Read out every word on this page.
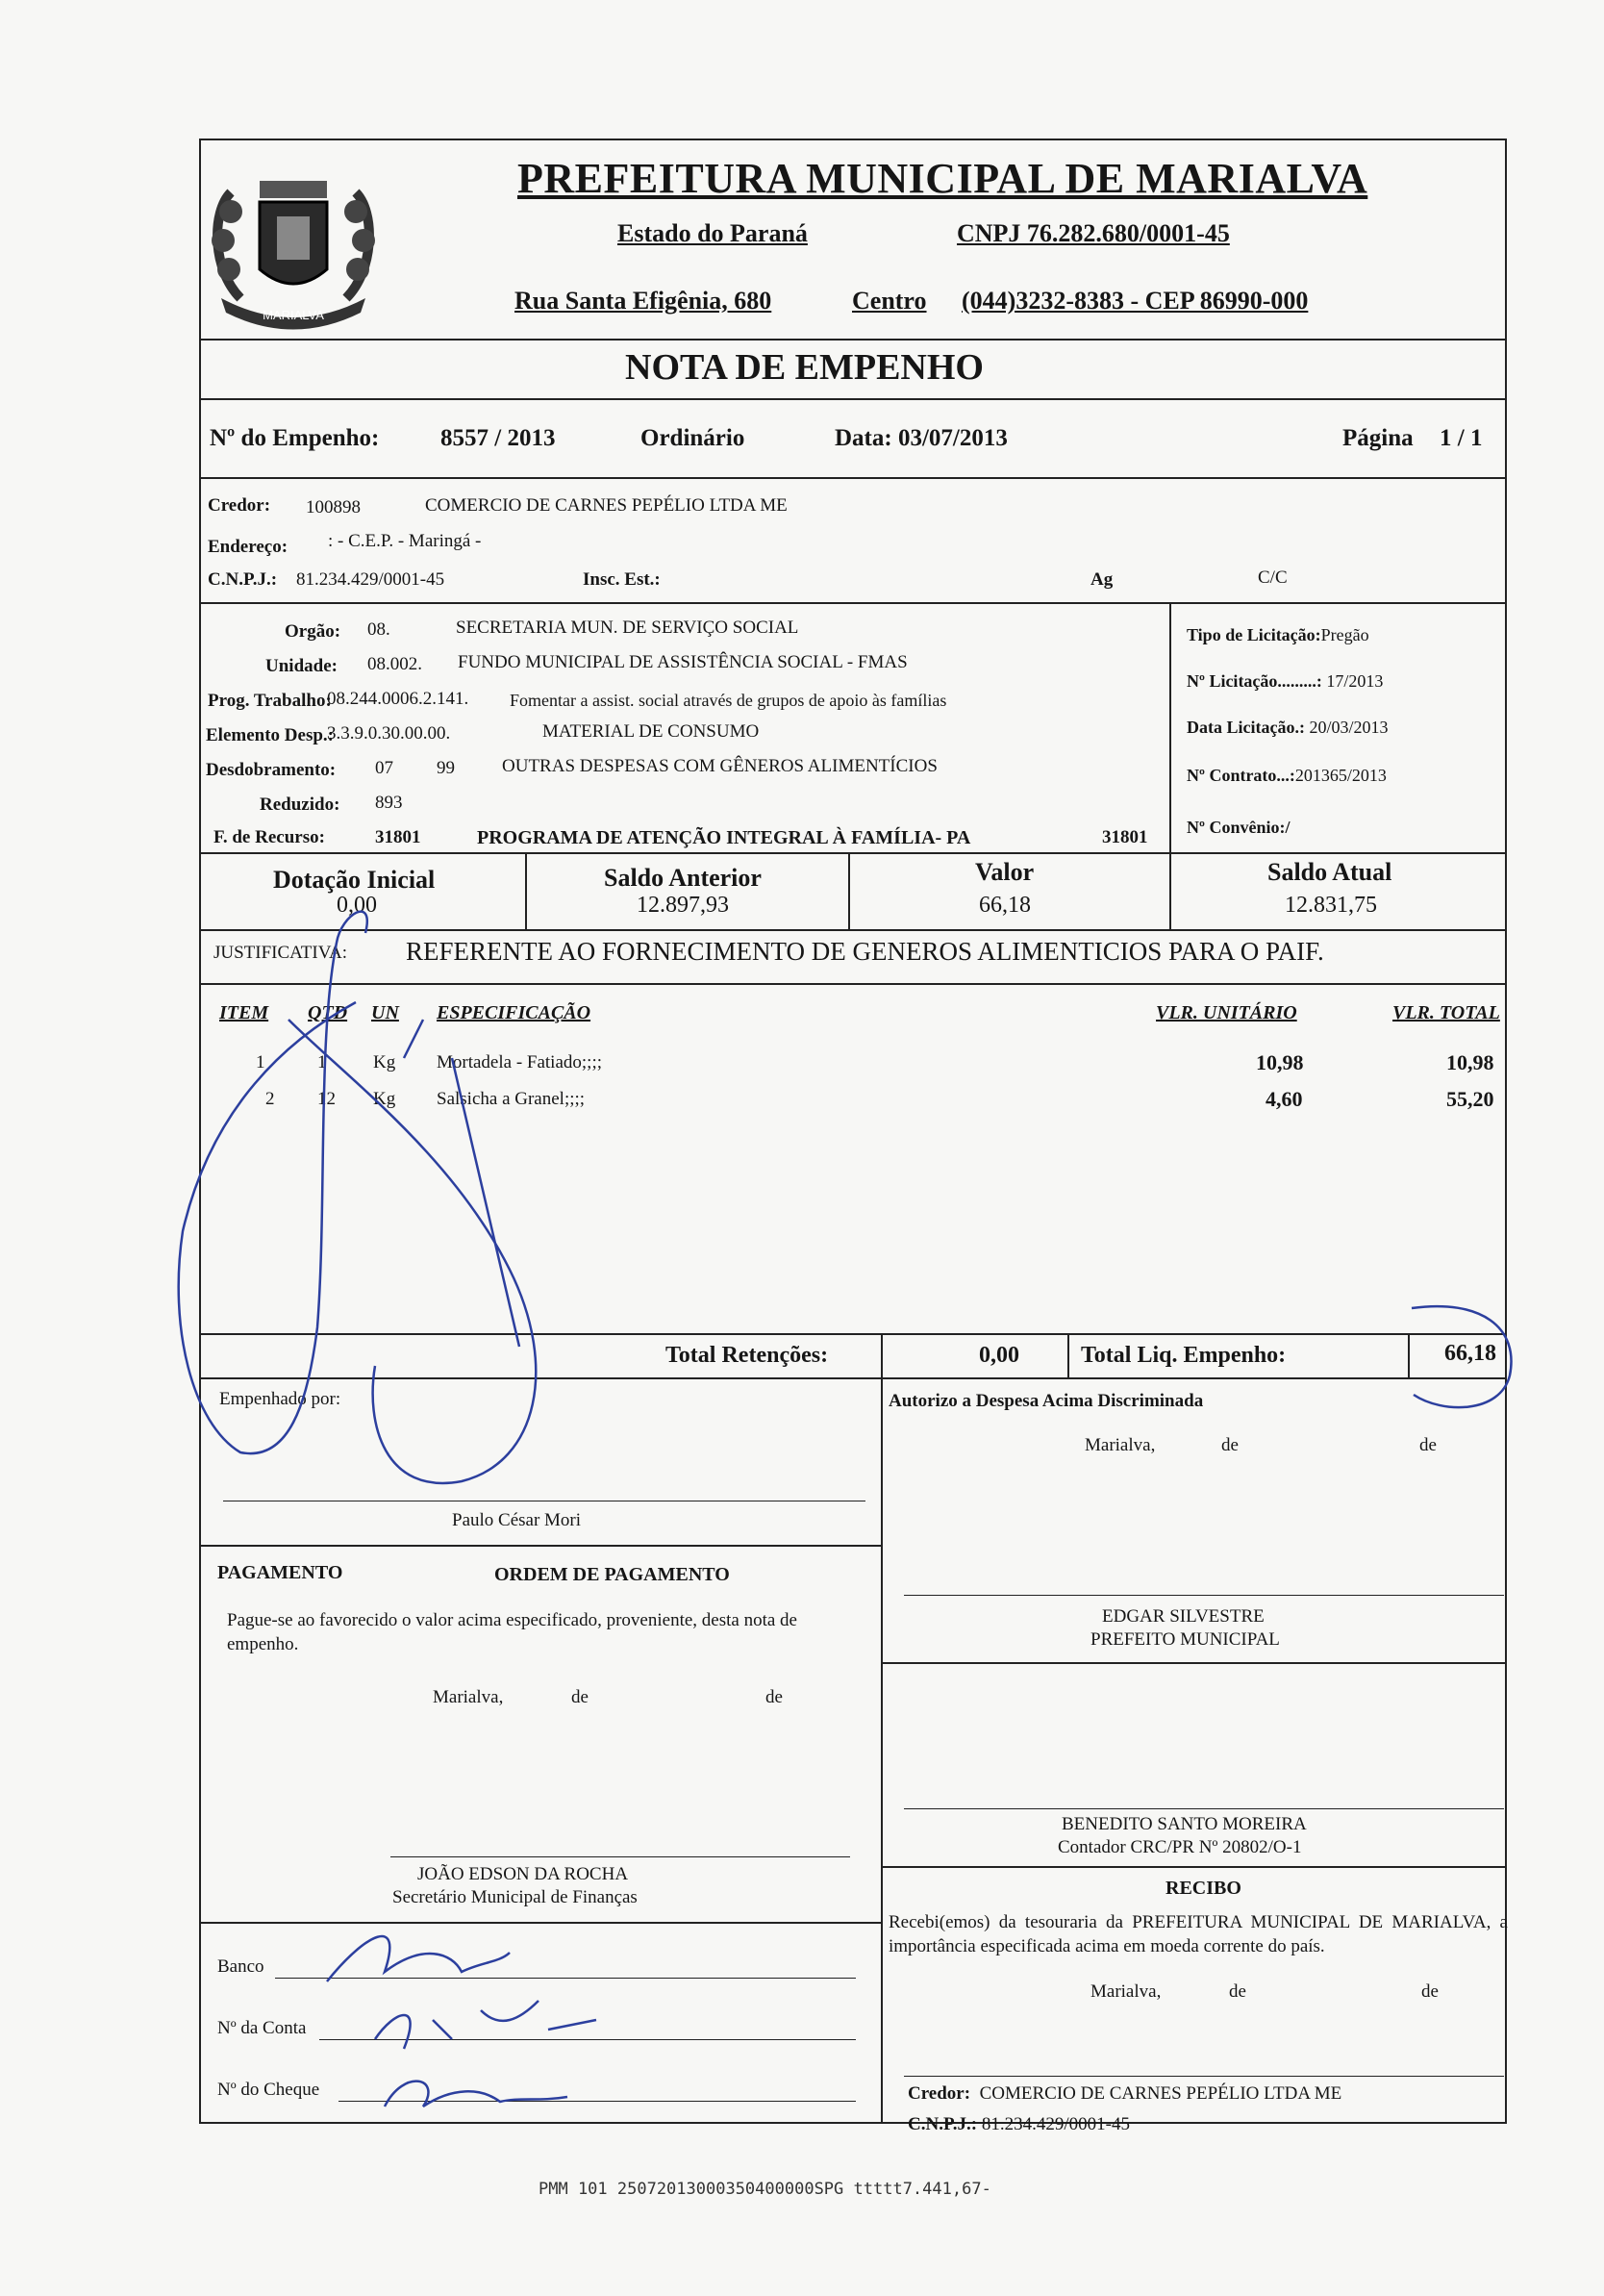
MARIALVA
PREFEITURA MUNICIPAL DE MARIALVA
Estado do Paraná	CNPJ 76.282.680/0001-45
Rua Santa Efigênia, 680	Centro (044)3232-8383 - CEP 86990-000
NOTA DE EMPENHO
Nº do Empenho:	8557 / 2013	Ordinário	Data: 03/07/2013	Página 1 / 1
Credor: 100898	COMERCIO DE CARNES PEPÉLIO LTDA ME
Endereço: : - C.E.P. - Maringá -
C.N.P.J.: 81.234.429/0001-45	Insc. Est.:	Ag	C/C
Orgão: 08.	SECRETARIA MUN. DE SERVIÇO SOCIAL
Unidade: 08.002. FUNDO MUNICIPAL DE ASSISTÊNCIA SOCIAL - FMAS
Prog. Trabalho:
08.244.0006.2.141. Fomentar a assist. social através de grupos de apoio às famílias
Elemento Desp.:
3.3.9.0.30.00.00.	MATERIAL DE CONSUMO
Desdobramento: 07 99	OUTRAS DESPESAS COM GÊNEROS ALIMENTÍCIOS
Reduzido: 893
F. de Recurso:	31801	PROGRAMA DE ATENÇÃO INTEGRAL À FAMÍLIA- PA	31801
Tipo de Licitação:Pregão
Nº Licitação.........: 17/2013
Data Licitação.: 20/03/2013
Nº Contrato...:201365/2013
Nº Convênio:/
Dotação Inicial
0,00
Saldo Anterior
12.897,93
Valor
66,18
Saldo Atual
12.831,75
JUSTIFICATIVA: REFERENTE AO FORNECIMENTO DE GENEROS ALIMENTICIOS PARA O PAIF.
ITEM QTD UN ESPECIFICAÇÃO	VLR. UNITÁRIO	VLR. TOTAL
1	1	Kg Mortadela - Fatiado;;;;	10,98	10,98
2 12 Kg Salsicha a Granel;;;;	4,60	55,20
Total Retenções:	0,00	Total Liq. Empenho:	66,18
Empenhado por:
Paulo César Mori
Autorizo a Despesa Acima Discriminada
Marialva,	de	de
EDGAR SILVESTRE
PREFEITO MUNICIPAL
PAGAMENTO	ORDEM DE PAGAMENTO
Pague-se ao favorecido o valor acima especificado, proveniente, desta nota de empenho.
Marialva,	de	de
JOÃO EDSON DA ROCHA
Secretário Municipal de Finanças
BENEDITO SANTO MOREIRA
Contador CRC/PR Nº 20802/O-1
RECIBO
Recebi(emos) da tesouraria da PREFEITURA MUNICIPAL DE MARIALVA, a importância especificada acima em moeda corrente do país.
Marialva,	de	de
Credor: COMERCIO DE CARNES PEPÉLIO LTDA ME
C.N.P.J.: 81.234.429/0001-45
Banco
Nº da Conta
Nº do Cheque
PMM 101 25072013000350400000SPG ttttt7.441,67-
